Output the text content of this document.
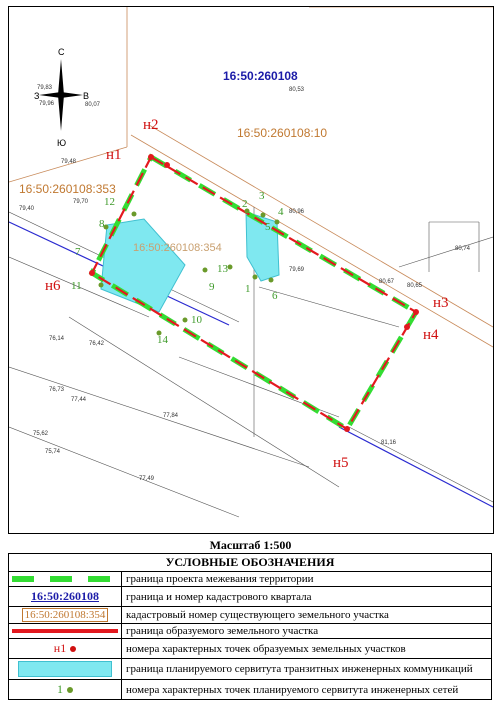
С
Ю
З	В
16:50:260108
16:50:260108:10
16:50:260108:353
16:50:260108:354
н1
н2
н3
н4
н5
н6	1
2
3
4
5
6
7
8
9
10
11
12
13
14
79,83
79,96	80,07
80,53
79,48
79,70
79,40	80,96
80,74
80,65
80,67
76,14
76,42
76,73
75,62
75,74
77,49
77,44
77,84
81,16
79,69
Масштаб 1:500
УСЛОВНЫЕ ОБОЗНАЧЕНИЯ	

	граница проекта межевания территории
16:50:260108	граница и номер кадастрового квартала
16:50:260108:354	кадастровый номер существующего земельного участка

	граница образуемого земельного участка
н1	номера характерных точек образуемых земельных участков

	граница планируемого сервитута транзитных инженерных коммуникаций
1	номера характерных точек планируемого сервитута инженерных сетей
